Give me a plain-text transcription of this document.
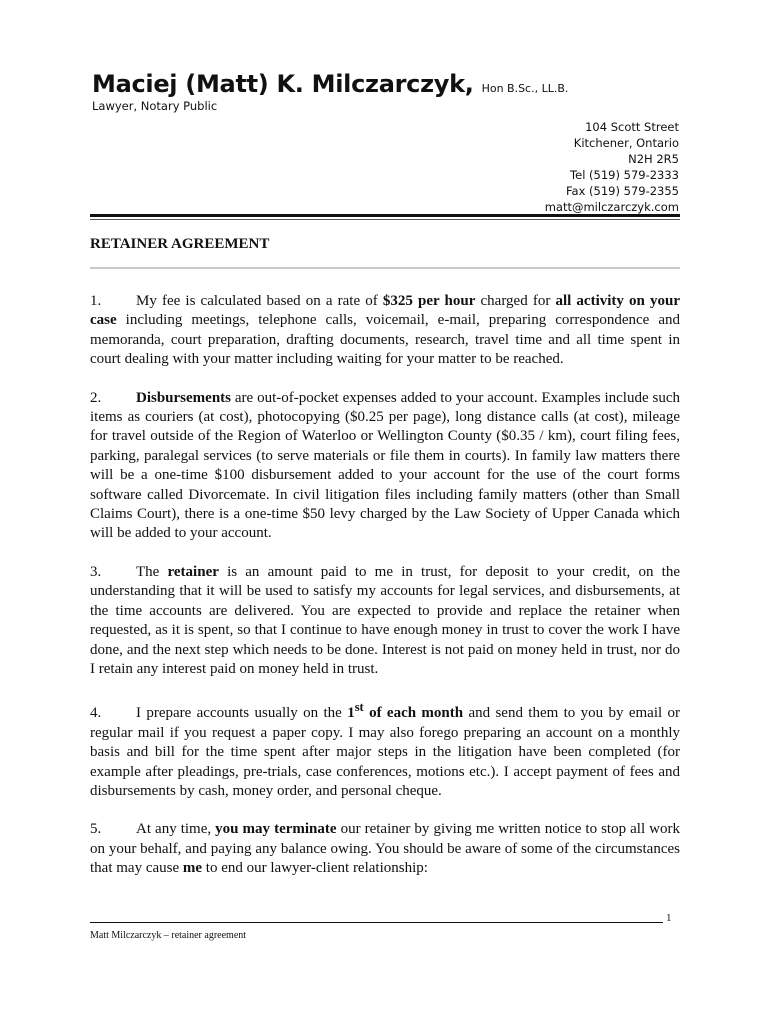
Maciej (Matt) K. Milczarczyk, Hon B.Sc., LL.B.
Lawyer, Notary Public
104 Scott Street
Kitchener, Ontario
N2H 2R5
Tel (519) 579-2333
Fax (519) 579-2355
matt@milczarczyk.com
RETAINER AGREEMENT

1. My fee is calculated based on a rate of $325 per hour charged for all activity on your case including meetings, telephone calls, voicemail, e-mail, preparing correspondence and memoranda, court preparation, drafting documents, research, travel time and all time spent in court dealing with your matter including waiting for your matter to be reached.

2. Disbursements are out-of-pocket expenses added to your account. Examples include such items as couriers (at cost), photocopying ($0.25 per page), long distance calls (at cost), mileage for travel outside of the Region of Waterloo or Wellington County ($0.35 / km), court filing fees, parking, paralegal services (to serve materials or file them in courts). In family law matters there will be a one-time $100 disbursement added to your account for the use of the court forms software called Divorcemate. In civil litigation files including family matters (other than Small Claims Court), there is a one-time $50 levy charged by the Law Society of Upper Canada which will be added to your account.

3. The retainer is an amount paid to me in trust, for deposit to your credit, on the understanding that it will be used to satisfy my accounts for legal services, and disbursements, at the time accounts are delivered. You are expected to provide and replace the retainer when requested, as it is spent, so that I continue to have enough money in trust to cover the work I have done, and the next step which needs to be done. Interest is not paid on money held in trust, nor do I retain any interest paid on money held in trust.

4. I prepare accounts usually on the 1st of each month and send them to you by email or regular mail if you request a paper copy. I may also forego preparing an account on a monthly basis and bill for the time spent after major steps in the litigation have been completed (for example after pleadings, pre-trials, case conferences, motions etc.). I accept payment of fees and disbursements by cash, money order, and personal cheque.

5. At any time, you may terminate our retainer by giving me written notice to stop all work on your behalf, and paying any balance owing. You should be aware of some of the circumstances that may cause me to end our lawyer-client relationship:

1
Matt Milczarczyk – retainer agreement
